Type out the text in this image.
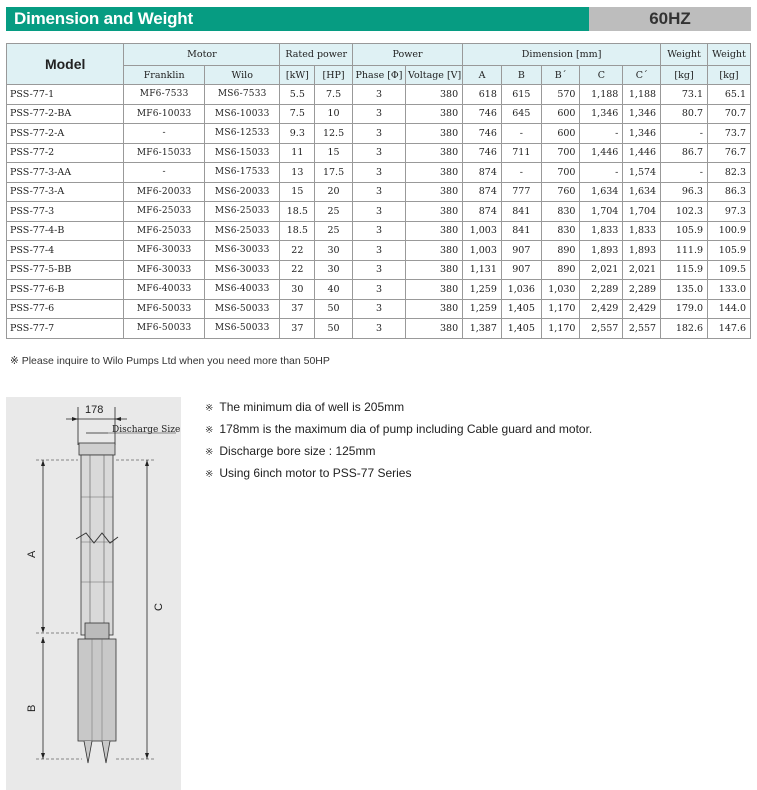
Dimension and Weight	60HZ
Model	Motor		Rated power		Power		Dimension [mm]					Weight	Weight
	Franklin	Wilo	[kW]	[HP]	Phase [Φ]	Voltage [V]	A	B	B´	C	C´	[kg]	[kg]
PSS-77-1	MF6-7533	MS6-7533	5.5	7.5	3	380	618	615	570	1,188	1,188	73.1	65.1
PSS-77-2-BA	MF6-10033	MS6-10033	7.5	10	3	380	746	645	600	1,346	1,346	80.7	70.7
PSS-77-2-A	-	MS6-12533	9.3	12.5	3	380	746	-	600	-	1,346	-	73.7
PSS-77-2	MF6-15033	MS6-15033	11	15	3	380	746	711	700	1,446	1,446	86.7	76.7
PSS-77-3-AA	-	MS6-17533	13	17.5	3	380	874	-	700	-	1,574	-	82.3
PSS-77-3-A	MF6-20033	MS6-20033	15	20	3	380	874	777	760	1,634	1,634	96.3	86.3
PSS-77-3	MF6-25033	MS6-25033	18.5	25	3	380	874	841	830	1,704	1,704	102.3	97.3
PSS-77-4-B	MF6-25033	MS6-25033	18.5	25	3	380	1,003	841	830	1,833	1,833	105.9	100.9
PSS-77-4	MF6-30033	MS6-30033	22	30	3	380	1,003	907	890	1,893	1,893	111.9	105.9
PSS-77-5-BB	MF6-30033	MS6-30033	22	30	3	380	1,131	907	890	2,021	2,021	115.9	109.5
PSS-77-6-B	MF6-40033	MS6-40033	30	40	3	380	1,259	1,036	1,030	2,289	2,289	135.0	133.0
PSS-77-6	MF6-50033	MS6-50033	37	50	3	380	1,259	1,405	1,170	2,429	2,429	179.0	144.0
PSS-77-7	MF6-50033	MS6-50033	37	50	3	380	1,387	1,405	1,170	2,557	2,557	182.6	147.6
※ Please inquire to Wilo Pumps Ltd when you need more than 50HP
178
Discharge Size
A
B
C
※ The minimum dia of well is 205mm
※ 178mm is the maximum dia of pump including Cable guard and motor.
※ Discharge bore size : 125mm
※ Using 6inch motor to PSS-77 Series
